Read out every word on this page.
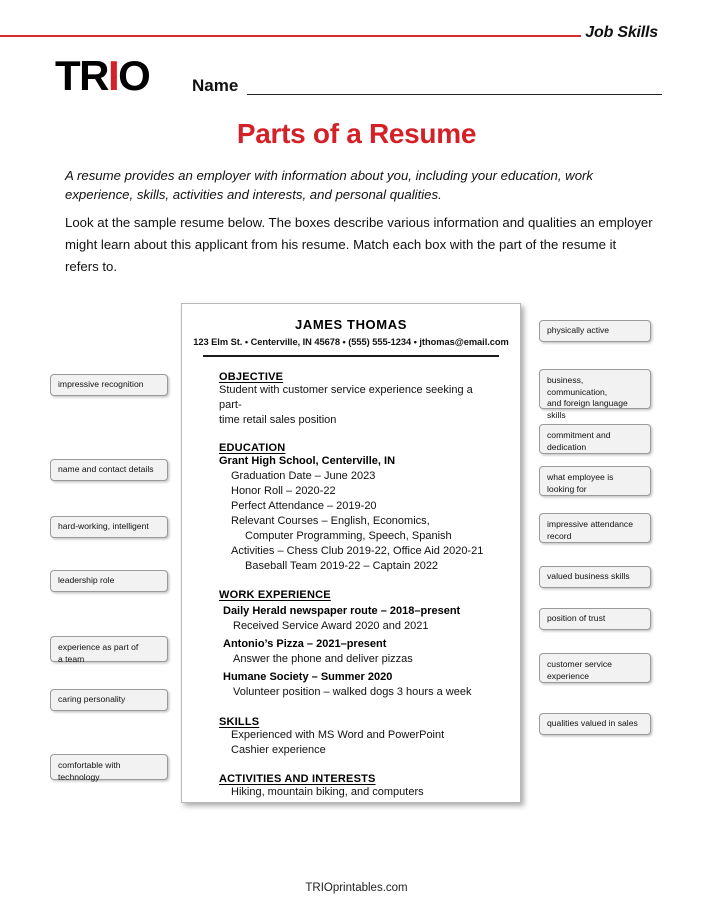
Job Skills
TR I O	Name
Parts of a Resume
A resume provides an employer with information about you, including your education, work experience, skills, activities and interests, and personal qualities.
Look at the sample resume below. The boxes describe various information and qualities an employer might learn about this applicant from his resume. Match each box with the part of the resume it refers to.
JAMES THOMAS
123 Elm St. • Centerville, IN 45678 • (555) 555-1234 • jthomas@email.com
OBJECTIVE
Student with customer service experience seeking a part-
time retail sales position
EDUCATION
Grant High School, Centerville, IN
Graduation Date – June 2023
Honor Roll – 2020-22
Perfect Attendance – 2019-20
Relevant Courses – English, Economics,
Computer Programming, Speech, Spanish
Activities – Chess Club 2019-22, Office Aid 2020-21
Baseball Team 2019-22 – Captain 2022
WORK EXPERIENCE
Daily Herald newspaper route – 2018–present
Received Service Award 2020 and 2021
Antonio’s Pizza – 2021–present
Answer the phone and deliver pizzas
Humane Society – Summer 2020
Volunteer position – walked dogs 3 hours a week
SKILLS
Experienced with MS Word and PowerPoint
Cashier experience
ACTIVITIES AND INTERESTS
Hiking, mountain biking, and computers
TRIOprintables.com
impressive recognition
name and contact details
hard-working, intelligent
leadership role
experience as part of
a team
caring personality
comfortable with
technology
physically active
business, communication,
and foreign language skills
commitment and
dedication
what employee is
looking for
impressive attendance
record
valued business skills
position of trust
customer service
experience
qualities valued in sales
